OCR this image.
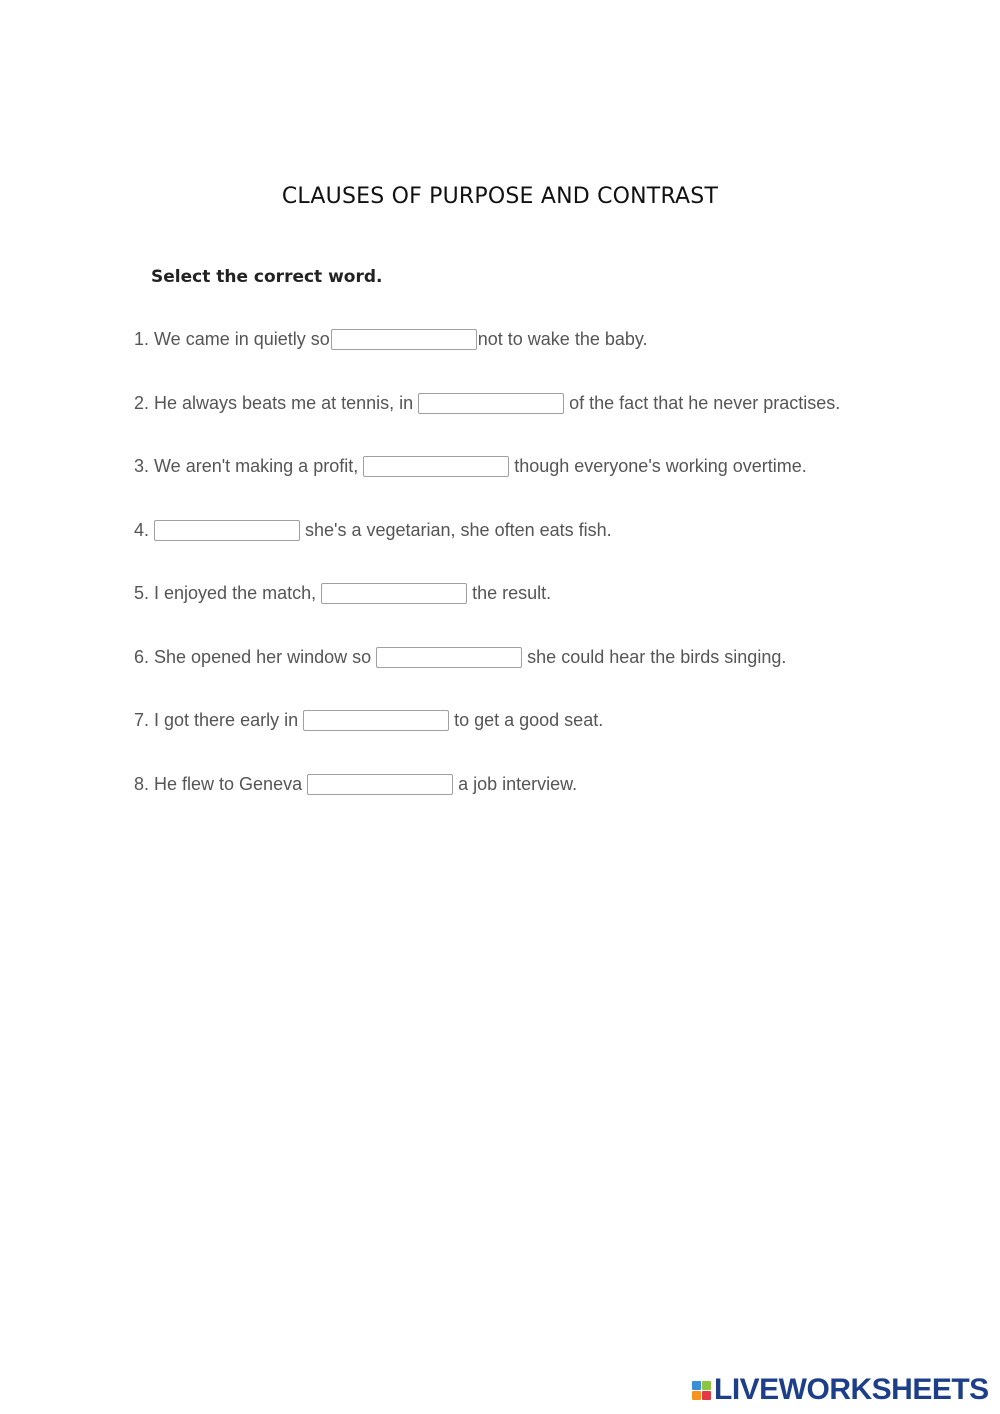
CLAUSES OF PURPOSE AND CONTRAST
Select the correct word.
1. We came in quietly so	not to wake the baby.
2. He always beats me at tennis, in	of the fact that he never practises.
3. We aren't making a profit,	though everyone's working overtime.
4.	she's a vegetarian, she often eats fish.
5. I enjoyed the match,	the result.
6. She opened her window so	she could hear the birds singing.
7. I got there early in	to get a good seat.
8. He flew to Geneva	a job interview.
LIVEWORKSHEETS
